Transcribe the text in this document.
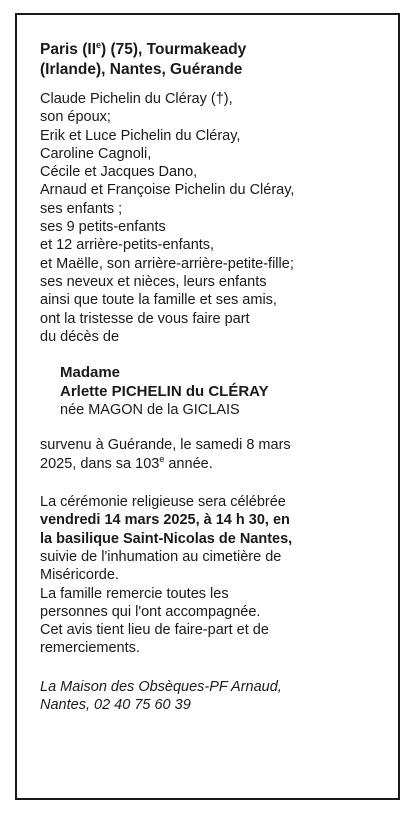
Paris (IIe) (75), Tourmakeady
(Irlande), Nantes, Guérande
Claude Pichelin du Cléray (†),
son époux;
Erik et Luce Pichelin du Cléray,
Caroline Cagnoli,
Cécile et Jacques Dano,
Arnaud et Françoise Pichelin du Cléray,
ses enfants ;
ses 9 petits-enfants
et 12 arrière-petits-enfants,
et Maëlle, son arrière-arrière-petite-fille;
ses neveux et nièces, leurs enfants
ainsi que toute la famille et ses amis,
ont la tristesse de vous faire part
du décès de
Madame
Arlette PICHELIN du CLÉRAY
née MAGON de la GICLAIS
survenu à Guérande, le samedi 8 mars
2025, dans sa 103e année.
La cérémonie religieuse sera célébrée
vendredi 14 mars 2025, à 14 h 30, en
la basilique Saint-Nicolas de Nantes,
suivie de l'inhumation au cimetière de
Miséricorde.
La famille remercie toutes les
personnes qui l'ont accompagnée.
Cet avis tient lieu de faire-part et de
remerciements.
La Maison des Obsèques-PF Arnaud,
Nantes, 02 40 75 60 39
